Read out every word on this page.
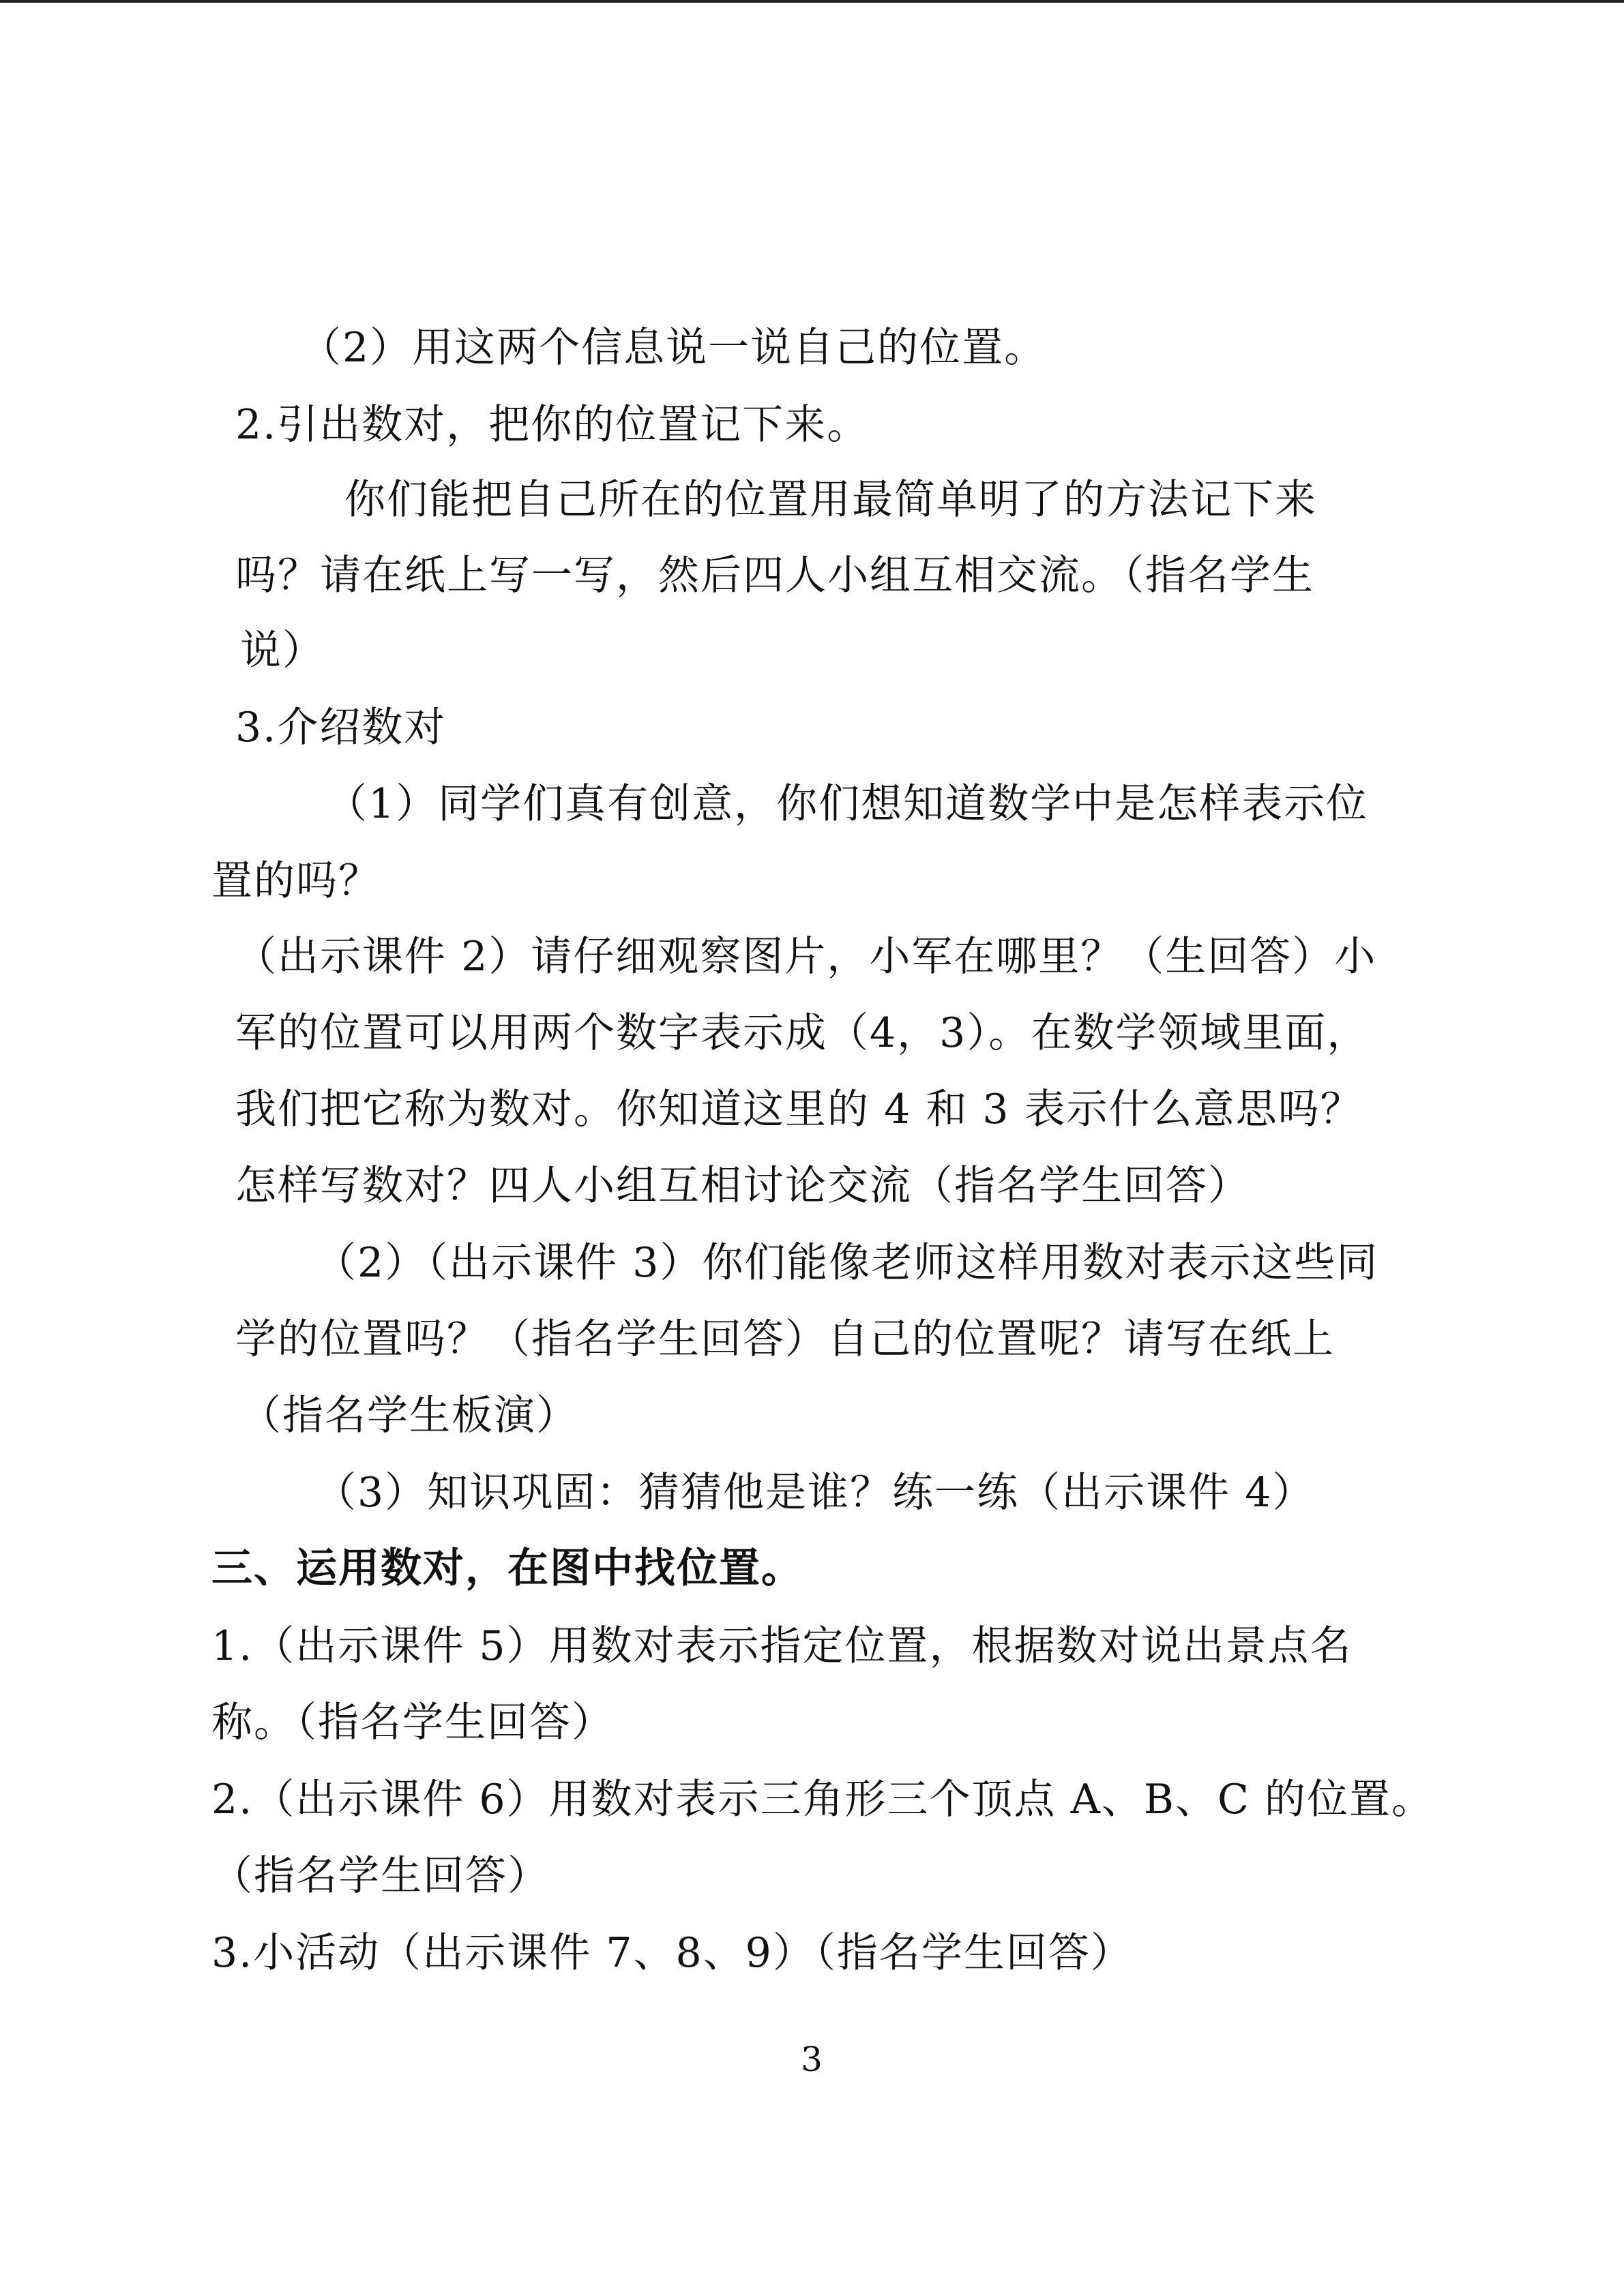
（2）用这两个信息说一说自己的位置。
2.引出数对，把你的位置记下来。
你们能把自己所在的位置用最简单明了的方法记下来
吗？请在纸上写一写，然后四人小组互相交流。（指名学生
说）
3.介绍数对
（1）同学们真有创意，你们想知道数学中是怎样表示位
置的吗？
（出示课件 2）请仔细观察图片，小军在哪里？（生回答）小
军的位置可以用两个数字表示成（4，3）。在数学领域里面，
我们把它称为数对。你知道这里的 4 和 3 表示什么意思吗？
怎样写数对？四人小组互相讨论交流（指名学生回答）
（2）（出示课件 3）你们能像老师这样用数对表示这些同
学的位置吗？（指名学生回答）自己的位置呢？请写在纸上
（指名学生板演）
（3）知识巩固：猜猜他是谁？练一练（出示课件 4）
三、运用数对，在图中找位置。
1.（出示课件 5）用数对表示指定位置，根据数对说出景点名
称。（指名学生回答）
2.（出示课件 6）用数对表示三角形三个顶点 A、B、C 的位置。
（指名学生回答）
3.小活动（出示课件 7、8、9）（指名学生回答）
3
